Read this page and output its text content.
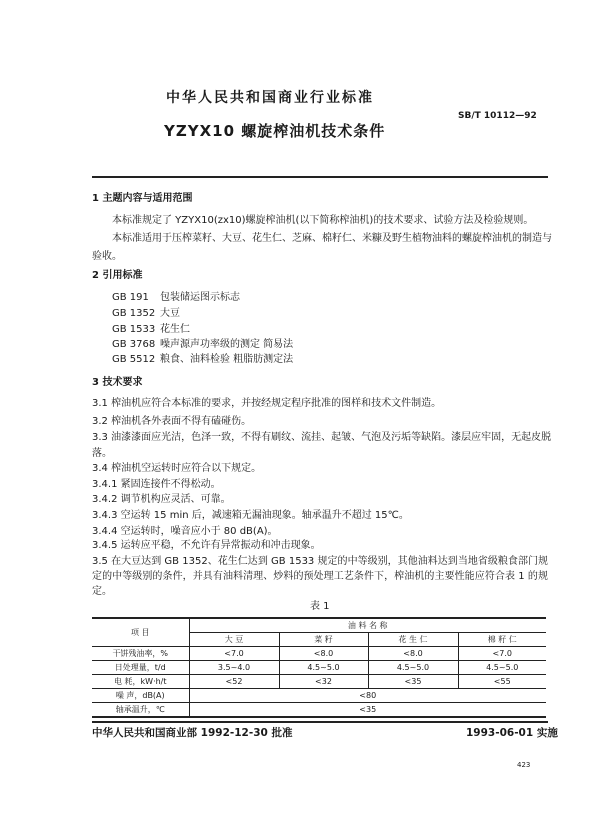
中华人民共和国商业行业标准
SB/T 10112—92
YZYX10 螺旋榨油机技术条件
1 主题内容与适用范围
本标准规定了 YZYX10(zx10)螺旋榨油机(以下简称榨油机)的技术要求、试验方法及检验规则。
本标准适用于压榨菜籽、大豆、花生仁、芝麻、棉籽仁、米糠及野生植物油料的螺旋榨油机的制造与
验收。
2 引用标准
GB 191 包装储运图示标志
GB 1352 大豆
GB 1533 花生仁
GB 3768 噪声源声功率级的测定 简易法
GB 5512 粮食、油料检验 粗脂肪测定法
3 技术要求
3.1 榨油机应符合本标准的要求，并按经规定程序批准的图样和技术文件制造。
3.2 榨油机各外表面不得有磕碰伤。
3.3 油漆漆面应光洁，色泽一致，不得有刷纹、流挂、起皱、气泡及污垢等缺陷。漆层应牢固，无起皮脱
落。
3.4 榨油机空运转时应符合以下规定。
3.4.1 紧固连接件不得松动。
3.4.2 调节机构应灵活、可靠。
3.4.3 空运转 15 min 后，减速箱无漏油现象。轴承温升不超过 15℃。
3.4.4 空运转时，噪音应小于 80 dB(A)。
3.4.5 运转应平稳，不允许有异常振动和冲击现象。
3.5 在大豆达到 GB 1352、花生仁达到 GB 1533 规定的中等级别，其他油料达到当地省级粮食部门规
定的中等级别的条件，并具有油料清理、炒料的预处理工艺条件下，榨油机的主要性能应符合表 1 的规
定。
表 1
项 目	油 料 名 称			
	大 豆	菜 籽	花 生 仁	棉 籽 仁
干饼残油率，%	<7.0	<8.0	<8.0	<7.0
日处理量，t/d	3.5~4.0	4.5~5.0	4.5~5.0	4.5~5.0
电 耗，kW·h/t	<52	<32	<35	<55
噪 声，dB(A)	<80			
轴承温升，℃	<35			
中华人民共和国商业部 1992-12-30 批准	1993-06-01 实施
423
